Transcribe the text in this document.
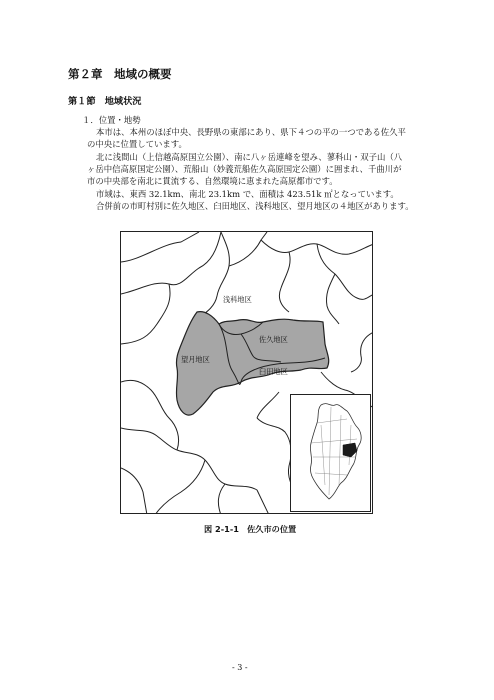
第２章　地域の概要
第１節　地域状況
１．位置・地勢
本市は、本州のほぼ中央、長野県の東部にあり、県下４つの平の一つである佐久平
の中央に位置しています。
北に浅間山（上信越高原国立公園）、南に八ヶ岳連峰を望み、蓼科山・双子山（八
ヶ岳中信高原国定公園）、荒船山（妙義荒船佐久高原国定公園）に囲まれ、千曲川が
市の中央部を南北に貫流する、自然環境に恵まれた高原都市です。
市域は、東西 32.1km、南北 23.1km で、面積は 423.51k ㎡となっています。
合併前の市町村別に佐久地区、臼田地区、浅科地区、望月地区の４地区があります。
浅科地区
佐久地区
望月地区
臼田地区
図 2-1-1　佐久市の位置
- 3 -
